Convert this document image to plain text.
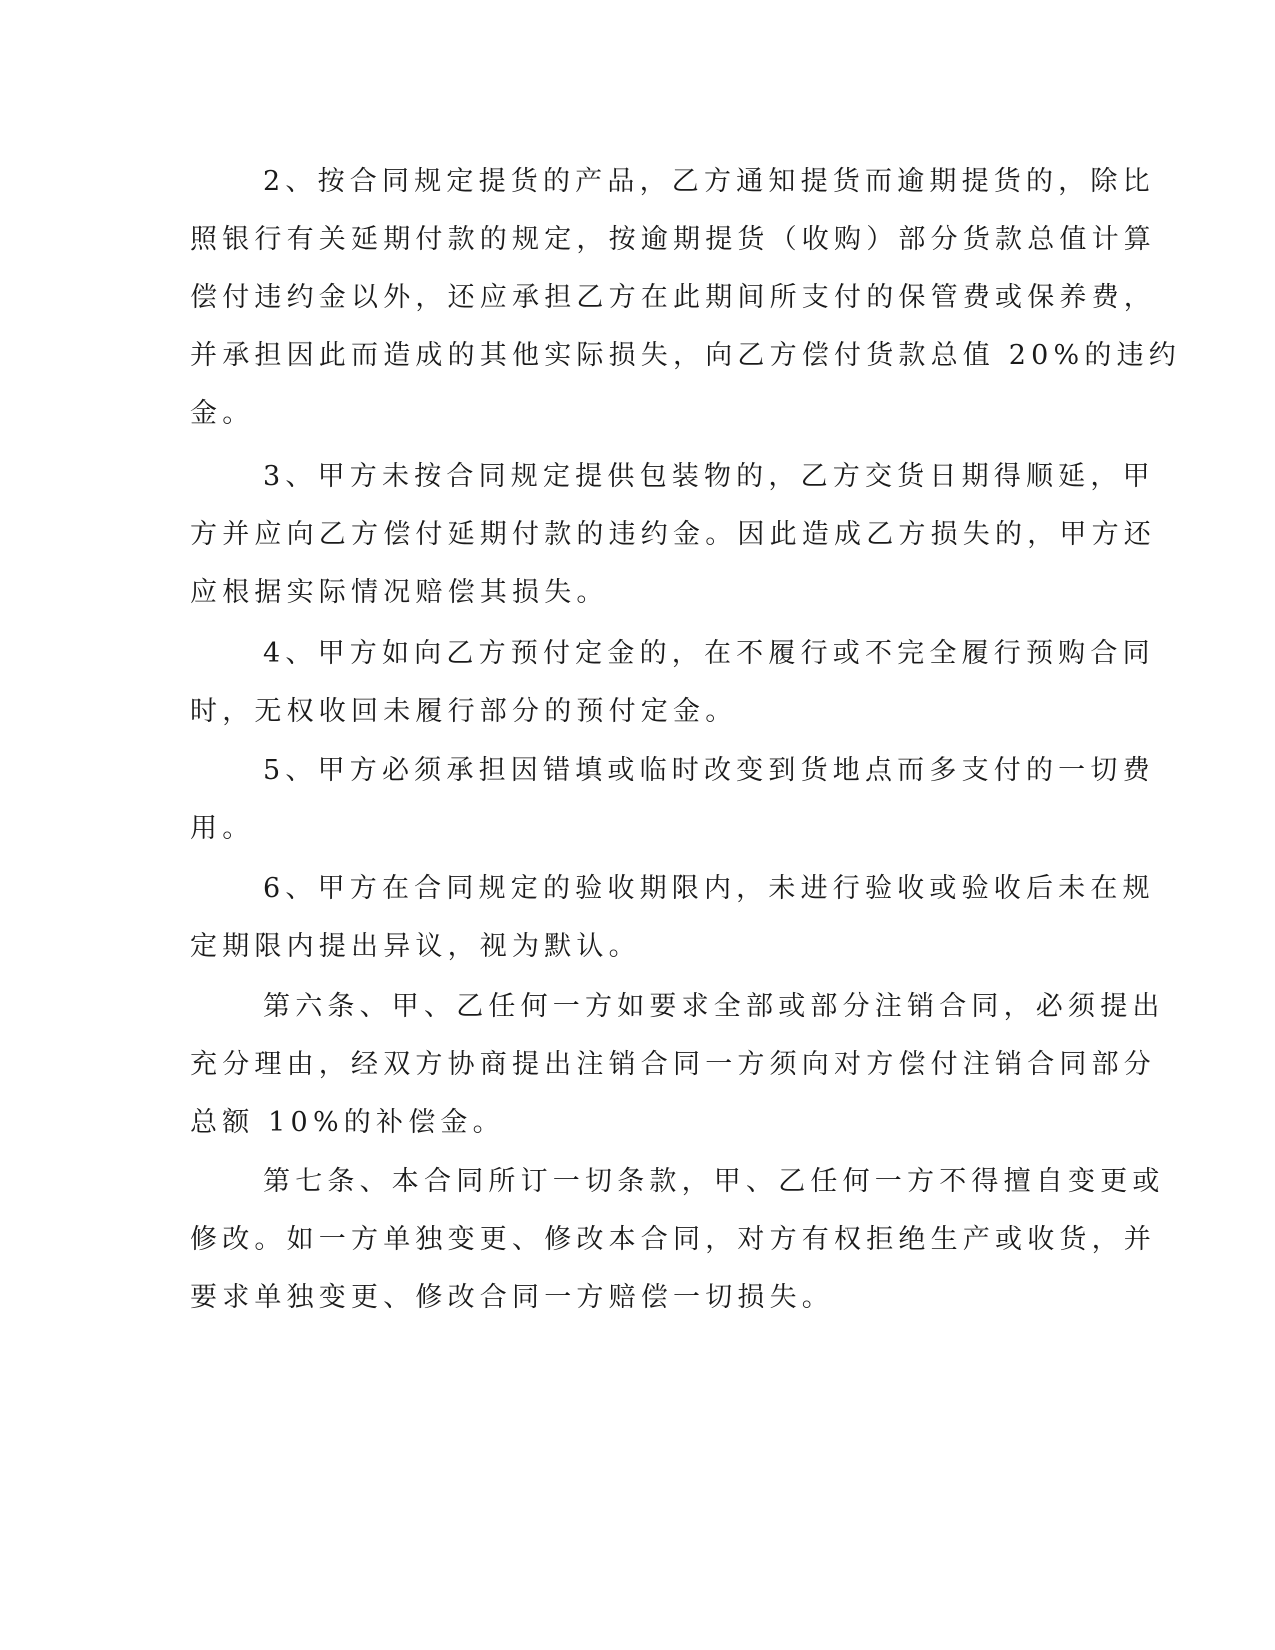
2、按合同规定提货的产品，乙方通知提货而逾期提货的，除比

照银行有关延期付款的规定，按逾期提货（收购）部分货款总值计算

偿付违约金以外，还应承担乙方在此期间所支付的保管费或保养费，

并承担因此而造成的其他实际损失，向乙方偿付货款总值 20%的违约

金。

3、甲方未按合同规定提供包装物的，乙方交货日期得顺延，甲

方并应向乙方偿付延期付款的违约金。因此造成乙方损失的，甲方还

应根据实际情况赔偿其损失。

4、甲方如向乙方预付定金的，在不履行或不完全履行预购合同

时，无权收回未履行部分的预付定金。

5、甲方必须承担因错填或临时改变到货地点而多支付的一切费

用。

6、甲方在合同规定的验收期限内，未进行验收或验收后未在规

定期限内提出异议，视为默认。

第六条、甲、乙任何一方如要求全部或部分注销合同，必须提出

充分理由，经双方协商提出注销合同一方须向对方偿付注销合同部分

总额 10%的补偿金。

第七条、本合同所订一切条款，甲、乙任何一方不得擅自变更或

修改。如一方单独变更、修改本合同，对方有权拒绝生产或收货，并

要求单独变更、修改合同一方赔偿一切损失。
